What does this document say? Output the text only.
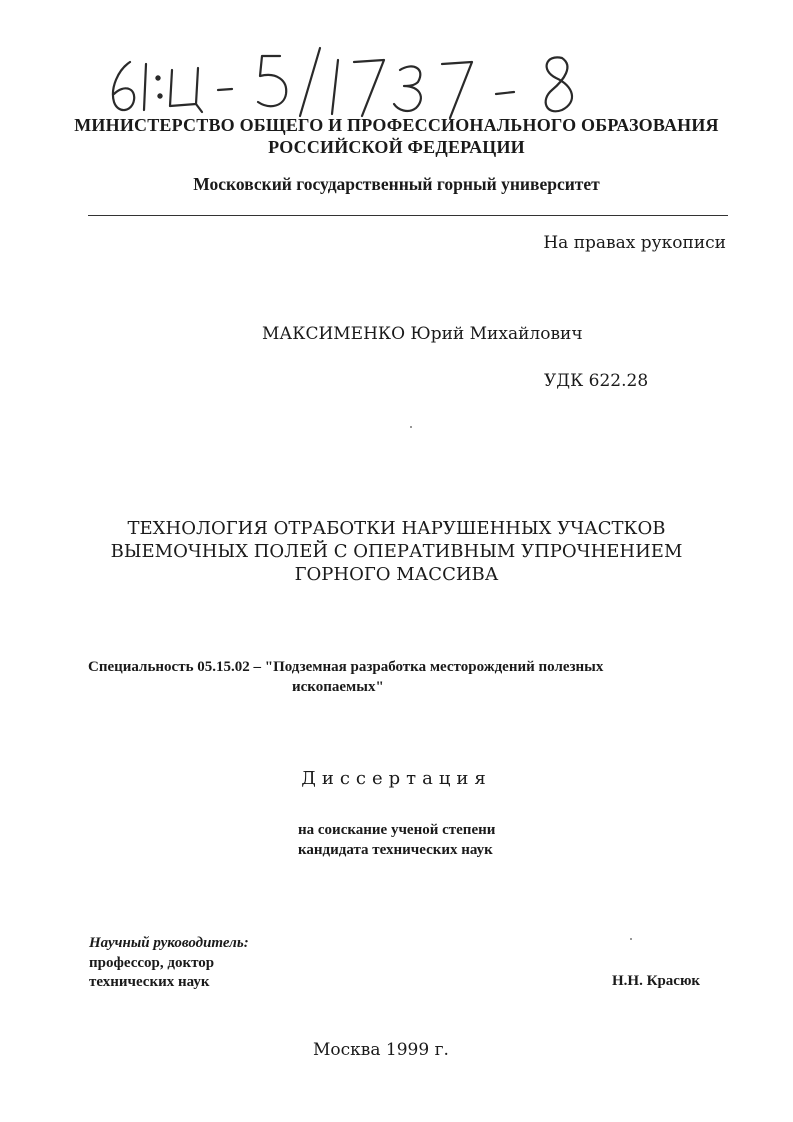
МИНИСТЕРСТВО ОБЩЕГО И ПРОФЕССИОНАЛЬНОГО ОБРАЗОВАНИЯ
РОССИЙСКОЙ ФЕДЕРАЦИИ
Московский государственный горный университет
На правах рукописи
МАКСИМЕНКО Юрий Михайлович
УДК 622.28
ТЕХНОЛОГИЯ ОТРАБОТКИ НАРУШЕННЫХ УЧАСТКОВ
ВЫЕМОЧНЫХ ПОЛЕЙ С ОПЕРАТИВНЫМ УПРОЧНЕНИЕМ
ГОРНОГО МАССИВА
Специальность 05.15.02 – "Подземная разработка месторождений полезных
ископаемых"
Диссертация
на соискание ученой степени
кандидата технических наук
Научный руководитель:
профессор, доктор
технических наук	Н.Н. Красюк
Москва 1999 г.
